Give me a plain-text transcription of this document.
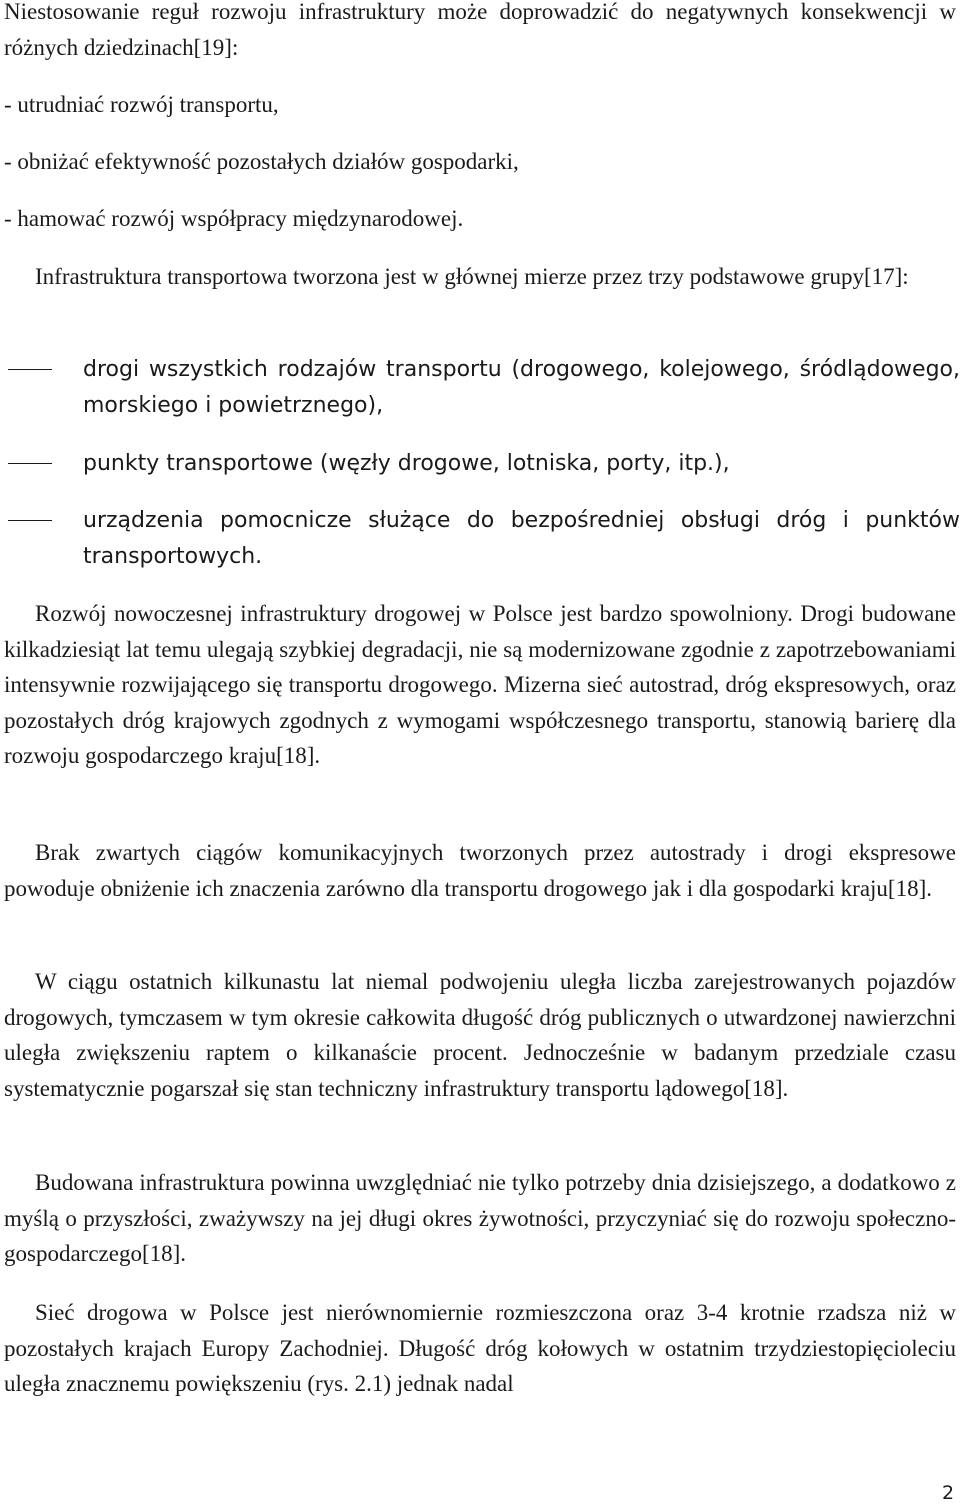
Niestosowanie reguł rozwoju infrastruktury może doprowadzić do negatywnych konsekwencji w różnych dziedzinach[19]:

- utrudniać rozwój transportu,

- obniżać efektywność pozostałych działów gospodarki,

- hamować rozwój współpracy międzynarodowej.

Infrastruktura transportowa tworzona jest w głównej mierze przez trzy podstawowe grupy[17]:

drogi wszystkich rodzajów transportu (drogowego, kolejowego, śródlądowego, morskiego i powietrznego),

punkty transportowe (węzły drogowe, lotniska, porty, itp.),

urządzenia pomocnicze służące do bezpośredniej obsługi dróg i punktów transportowych.

Rozwój nowoczesnej infrastruktury drogowej w Polsce jest bardzo spowolniony. Drogi budowane kilkadziesiąt lat temu ulegają szybkiej degradacji, nie są modernizowane zgodnie z zapotrzebowaniami intensywnie rozwijającego się transportu drogowego. Mizerna sieć autostrad, dróg ekspresowych, oraz pozostałych dróg krajowych zgodnych z wymogami współczesnego transportu, stanowią barierę dla rozwoju gospodarczego kraju[18].

Brak zwartych ciągów komunikacyjnych tworzonych przez autostrady i drogi ekspresowe powoduje obniżenie ich znaczenia zarówno dla transportu drogowego jak i dla gospodarki kraju[18].

W ciągu ostatnich kilkunastu lat niemal podwojeniu uległa liczba zarejestrowanych pojazdów drogowych, tymczasem w tym okresie całkowita długość dróg publicznych o utwardzonej nawierzchni uległa zwiększeniu raptem o kilkanaście procent. Jednocześnie w badanym przedziale czasu systematycznie pogarszał się stan techniczny infrastruktury transportu lądowego[18].

Budowana infrastruktura powinna uwzględniać nie tylko potrzeby dnia dzisiejszego, a dodatkowo z myślą o przyszłości, zważywszy na jej długi okres żywotności, przyczyniać się do rozwoju społeczno- gospodarczego[18].

Sieć drogowa w Polsce jest nierównomiernie rozmieszczona oraz 3-4 krotnie rzadsza niż w pozostałych krajach Europy Zachodniej. Długość dróg kołowych w ostatnim trzydziestopięcioleciu uległa znacznemu powiększeniu (rys. 2.1) jednak nadal

2
